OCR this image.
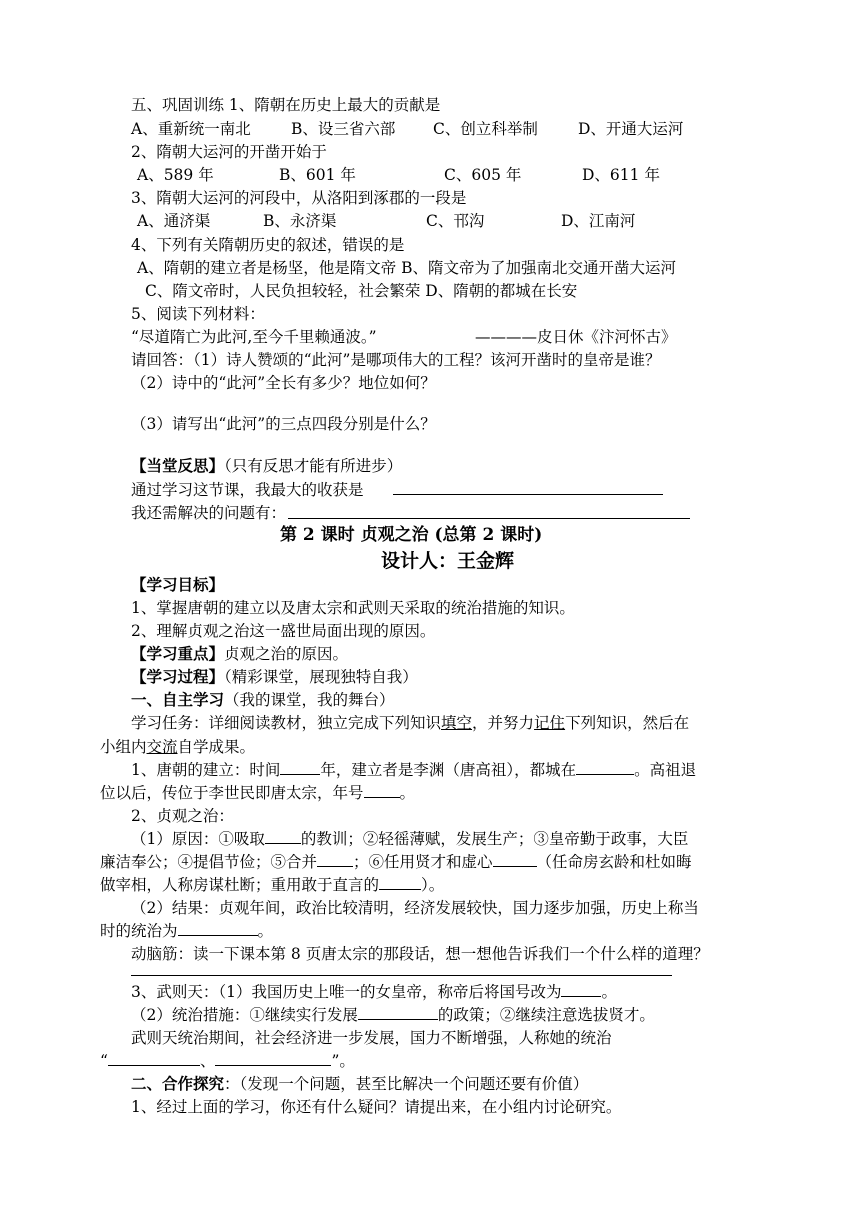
五、巩固训练 1、隋朝在历史上最大的贡献是
A、重新统一南北	B、设三省六部 C、创立科举制	D、开通大运河
2、隋朝大运河的开凿开始于
A、589 年	B、601 年	C、605 年	D、611 年
3、隋朝大运河的河段中，从洛阳到涿郡的一段是
A、通济渠	B、永济渠	C、邗沟	D、江南河
4、下列有关隋朝历史的叙述，错误的是
A、隋朝的建立者是杨坚，他是隋文帝 B、隋文帝为了加强南北交通开凿大运河
C、隋文帝时，人民负担较轻，社会繁荣 D、隋朝的都城在长安
5、阅读下列材料：
“尽道隋亡为此河,至今千里赖通波。”	————皮日休《汴河怀古》
请回答：（1）诗人赞颂的“此河”是哪项伟大的工程？该河开凿时的皇帝是谁？
（2）诗中的“此河”全长有多少？地位如何？
（3）请写出“此河”的三点四段分别是什么？
【当堂反思】（只有反思才能有所进步）
通过学习这节课，我最大的收获是
我还需解决的问题有：
第 2 课时 贞观之治 (总第 2 课时)
设计人：王金辉
【学习目标】
1、掌握唐朝的建立以及唐太宗和武则天采取的统治措施的知识。
2、理解贞观之治这一盛世局面出现的原因。
【学习重点】贞观之治的原因。
【学习过程】（精彩课堂，展现独特自我）
一、自主学习（我的课堂，我的舞台）
学习任务：详细阅读教材，独立完成下列知识填空，并努力记住下列知识，然后在
小组内交流自学成果。
1、唐朝的建立：时间	年，建立者是李渊（唐高祖），都城在	。高祖退
位以后，传位于李世民即唐太宗，年号 。
2、贞观之治：
（1）原因：①吸取 的教训；②轻徭薄赋，发展生产；③皇帝勤于政事，大臣
廉洁奉公；④提倡节俭；⑤合并 ；⑥任用贤才和虚心	（任命房玄龄和杜如晦
做宰相，人称房谋杜断；重用敢于直言的	）。
（2）结果：贞观年间，政治比较清明，经济发展较快，国力逐步加强，历史上称当
时的统治为	。
动脑筋：读一下课本第 8 页唐太宗的那段话，想一想他告诉我们一个什么样的道理？
3、武则天：（1）我国历史上唯一的女皇帝，称帝后将国号改为	。
（2）统治措施：①继续实行发展	的政策；②继续注意选拔贤才。
武则天统治期间，社会经济进一步发展，国力不断增强，人称她的统治
“	、	”。
二、合作探究：（发现一个问题，甚至比解决一个问题还要有价值）
1、经过上面的学习，你还有什么疑问？请提出来，在小组内讨论研究。
